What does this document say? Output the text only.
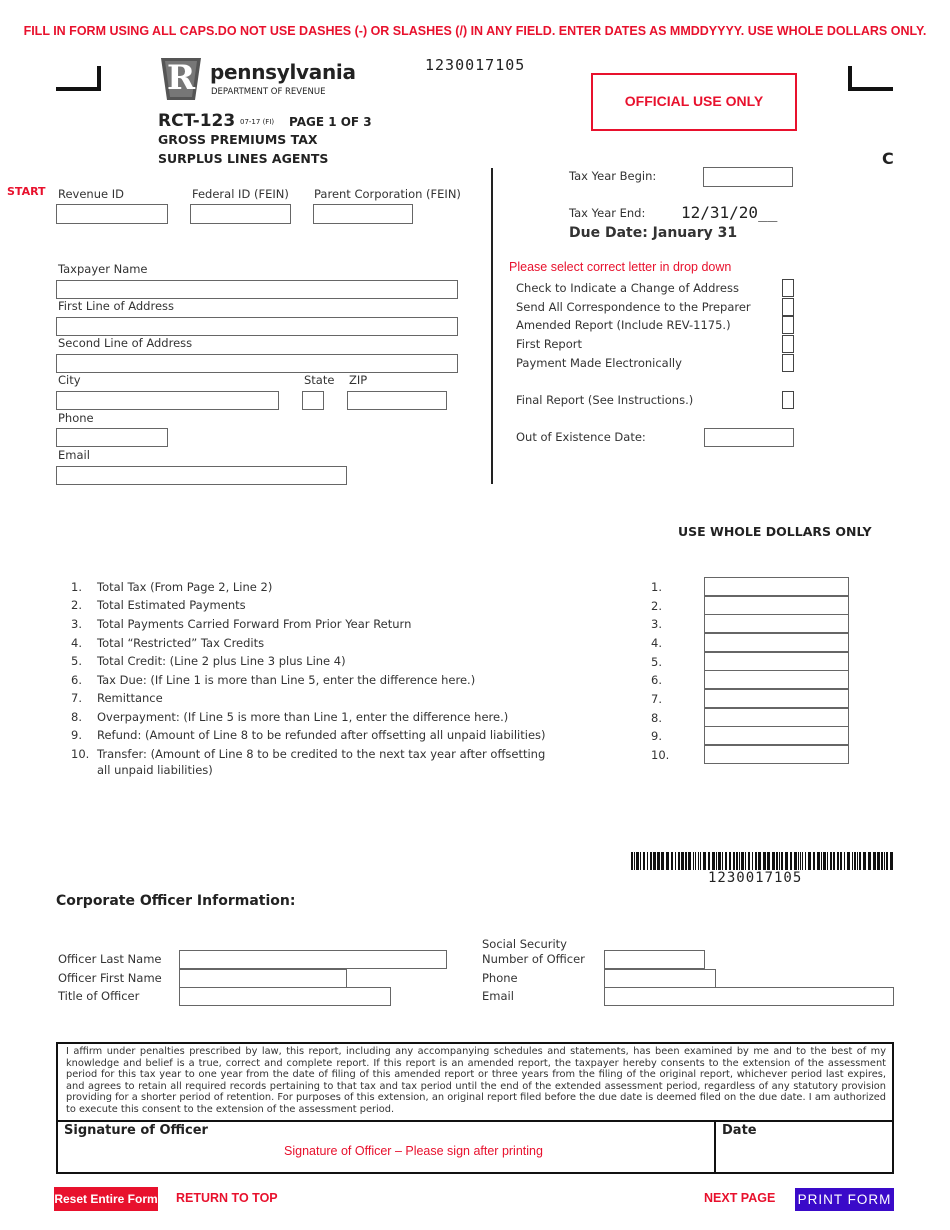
FILL IN FORM USING ALL CAPS.DO NOT USE DASHES (-) OR SLASHES (/) IN ANY FIELD. ENTER DATES AS MMDDYYYY. USE WHOLE DOLLARS ONLY.
R pennsylvania
DEPARTMENT OF REVENUE
1230017105
RCT-123 07-17 (FI) PAGE 1 OF 3
GROSS PREMIUMS TAX
SURPLUS LINES AGENTS
OFFICIAL USE ONLY
C
START Revenue ID	Federal ID (FEIN) Parent Corporation (FEIN)
Taxpayer Name
First Line of Address
Second Line of Address
City	State ZIP
Phone
Email
Tax Year Begin:
Tax Year End: 12/31/20__
Due Date: January 31
Please select correct letter in drop down
Check to Indicate a Change of Address
Send All Correspondence to the Preparer
Amended Report (Include REV-1175.)
First Report
Payment Made Electronically
Final Report (See Instructions.)
Out of Existence Date:
USE WHOLE DOLLARS ONLY
1. Total Tax (From Page 2, Line 2)	1.
2. Total Estimated Payments	2.
3. Total Payments Carried Forward From Prior Year Return	3.
4. Total “Restricted” Tax Credits	4.
5. Total Credit: (Line 2 plus Line 3 plus Line 4)	5.
6. Tax Due: (If Line 1 is more than Line 5, enter the difference here.)	6.
7. Remittance	7.
8. Overpayment: (If Line 5 is more than Line 1, enter the difference here.)	8.
9. Refund: (Amount of Line 8 to be refunded after offsetting all unpaid liabilities)	9.
10. Transfer: (Amount of Line 8 to be credited to the next tax year after offsetting
all unpaid liabilities)
10.
1230017105
Corporate Officer Information:
Officer Last Name
Officer First Name
Title of Officer
Social Security
Number of Officer
Phone
Email
I affirm under penalties prescribed by law, this report, including any accompanying schedules and statements, has been examined by me and to the best of my knowledge and belief is a true, correct and complete report. If this report is an amended report, the taxpayer hereby consents to the extension of the assessment period for this tax year to one year from the date of filing of this amended report or three years from the filing of the original report, whichever period last expires, and agrees to retain all required records pertaining to that tax and tax period until the end of the extended assessment period, regardless of any statutory provision providing for a shorter period of retention. For purposes of this extension, an original report filed before the due date is deemed filed on the due date. I am authorized to execute this consent to the extension of the assessment period.
Signature of Officer
Signature of Officer – Please sign after printing
Date
Reset Entire Form RETURN TO TOP	NEXT PAGE PRINT FORM
